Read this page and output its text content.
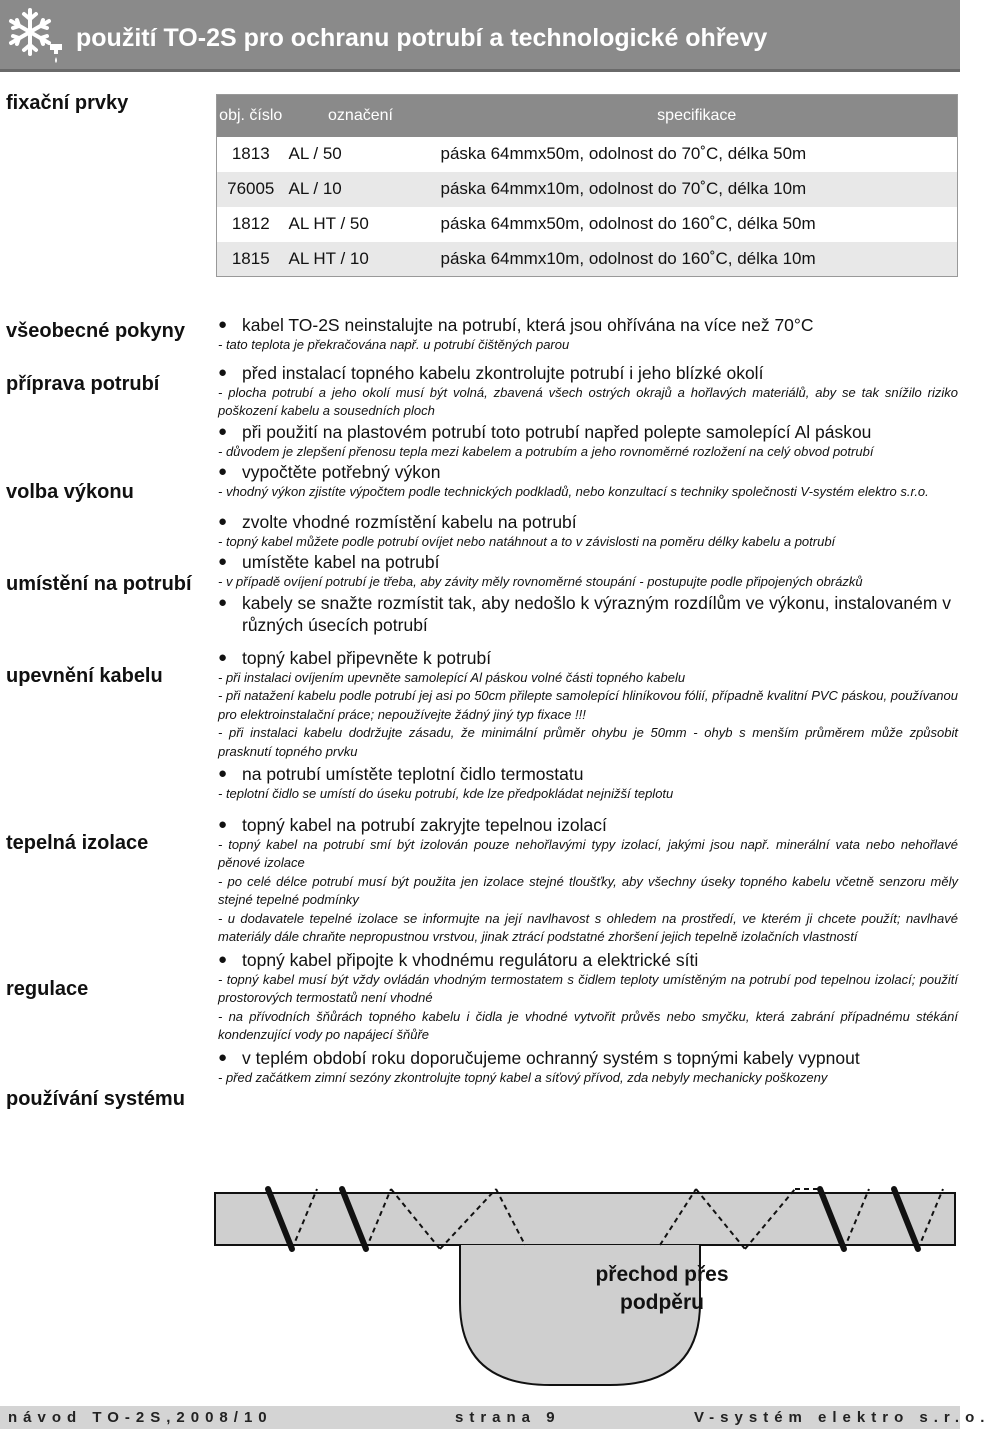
použití TO-2S pro ochranu potrubí a technologické ohřevy
fixační prvky
všeobecné pokyny
příprava potrubí
volba výkonu
umístění na potrubí
upevnění kabelu
tepelná izolace
regulace
používání systému
obj. číslo	označení	specifikace
1813	AL / 50	páska 64mmx50m, odolnost do 70˚C, délka 50m
76005	AL / 10	páska 64mmx10m, odolnost do 70˚C, délka 10m
1812	AL HT / 50	páska 64mmx50m, odolnost do 160˚C, délka 50m
1815	AL HT / 10	páska 64mmx10m, odolnost do 160˚C, délka 10m
● kabel TO-2S neinstalujte na potrubí, která jsou ohřívána na více než 70°C
- tato teplota je překračována např. u potrubí čištěných parou
● před instalací topného kabelu zkontrolujte potrubí i jeho blízké okolí
- plocha potrubí a jeho okolí musí být volná, zbavená všech ostrých okrajů a hořlavých materiálů, aby se tak snížilo riziko poškození kabelu a sousedních ploch
● při použití na plastovém potrubí toto potrubí napřed polepte samolepící Al páskou
- důvodem je zlepšení přenosu tepla mezi kabelem a potrubím a jeho rovnoměrné rozložení na celý obvod potrubí
● vypočtěte potřebný výkon
- vhodný výkon zjistíte výpočtem podle technických podkladů, nebo konzultací s techniky společnosti V-systém elektro s.r.o.
● zvolte vhodné rozmístění kabelu na potrubí
- topný kabel můžete podle potrubí ovíjet nebo natáhnout a to v závislosti na poměru délky kabelu a potrubí
● umístěte kabel na potrubí
- v případě ovíjení potrubí je třeba, aby závity měly rovnoměrné stoupání - postupujte podle připojených obrázků
● kabely se snažte rozmístit tak, aby nedošlo k výrazným rozdílům ve výkonu, instalovaném v různých úsecích potrubí
● topný kabel připevněte k potrubí
- při instalaci ovíjením upevněte samolepící Al páskou volné části topného kabelu
- při natažení kabelu podle potrubí jej asi po 50cm přilepte samolepící hliníkovou fólií, případně kvalitní PVC páskou, používanou pro elektroinstalační práce; nepoužívejte žádný jiný typ fixace !!!
- při instalaci kabelu dodržujte zásadu, že minimální průměr ohybu je 50mm - ohyb s menším průměrem může způsobit prasknutí topného prvku
● na potrubí umístěte teplotní čidlo termostatu
- teplotní čidlo se umístí do úseku potrubí, kde lze předpokládat nejnižší teplotu
● topný kabel na potrubí zakryjte tepelnou izolací
- topný kabel na potrubí smí být izolován pouze nehořlavými typy izolací, jakými jsou např. minerální vata nebo nehořlavé pěnové izolace
- po celé délce potrubí musí být použita jen izolace stejné tloušťky, aby všechny úseky topného kabelu včetně senzoru měly stejné tepelné podmínky
- u dodavatele tepelné izolace se informujte na její navlhavost s ohledem na prostředí, ve kterém ji chcete použít; navlhavé materiály dále chraňte nepropustnou vrstvou, jinak ztrácí podstatné zhoršení jejich tepelně izolačních vlastností
● topný kabel připojte k vhodnému regulátoru a elektrické síti
- topný kabel musí být vždy ovládán vhodným termostatem s čidlem teploty umístěným na potrubí pod tepelnou izolací; použití prostorových termostatů není vhodné
- na přívodních šňůrách topného kabelu i čidla je vhodné vytvořit průvěs nebo smyčku, která zabrání případnému stékání kondenzující vody po napájecí šňůře
● v teplém období roku doporučujeme ochranný systém s topnými kabely vypnout
- před začátkem zimní sezóny zkontrolujte topný kabel a síťový přívod, zda nebyly mechanicky poškozeny
přechod přes
podpěru
návod TO-2S,2008/10	strana 9	V-systém elektro s.r.o.
